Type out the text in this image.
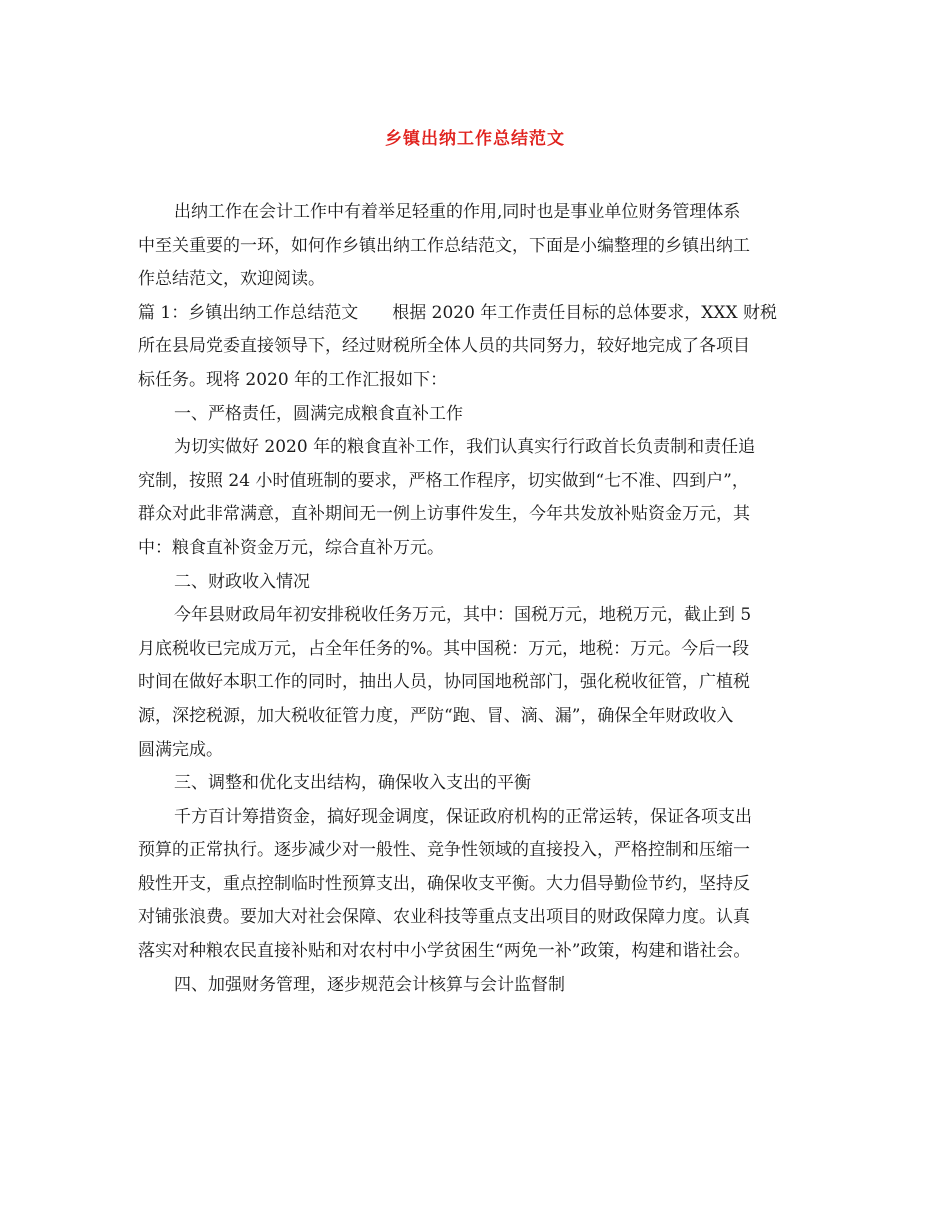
乡镇出纳工作总结范文
出纳工作在会计工作中有着举足轻重的作用,同时也是事业单位财务管理体系
中至关重要的一环，如何作乡镇出纳工作总结范文，下面是小编整理的乡镇出纳工
作总结范文，欢迎阅读。
篇 1：乡镇出纳工作总结范文　　根据 2020 年工作责任目标的总体要求，XXX 财税
所在县局党委直接领导下，经过财税所全体人员的共同努力，较好地完成了各项目
标任务。现将 2020 年的工作汇报如下：
一、严格责任，圆满完成粮食直补工作
为切实做好 2020 年的粮食直补工作，我们认真实行行政首长负责制和责任追
究制，按照 24 小时值班制的要求，严格工作程序，切实做到“七不准、四到户”，
群众对此非常满意，直补期间无一例上访事件发生，今年共发放补贴资金万元，其
中：粮食直补资金万元，综合直补万元。
二、财政收入情况
今年县财政局年初安排税收任务万元，其中：国税万元，地税万元，截止到 5
月底税收已完成万元，占全年任务的%。其中国税：万元，地税：万元。今后一段
时间在做好本职工作的同时，抽出人员，协同国地税部门，强化税收征管，广植税
源，深挖税源，加大税收征管力度，严防“跑、冒、滴、漏”，确保全年财政收入
圆满完成。
三、调整和优化支出结构，确保收入支出的平衡
千方百计筹措资金，搞好现金调度，保证政府机构的正常运转，保证各项支出
预算的正常执行。逐步减少对一般性、竞争性领域的直接投入，严格控制和压缩一
般性开支，重点控制临时性预算支出，确保收支平衡。大力倡导勤俭节约，坚持反
对铺张浪费。要加大对社会保障、农业科技等重点支出项目的财政保障力度。认真
落实对种粮农民直接补贴和对农村中小学贫困生“两免一补”政策，构建和谐社会。
四、加强财务管理，逐步规范会计核算与会计监督制
